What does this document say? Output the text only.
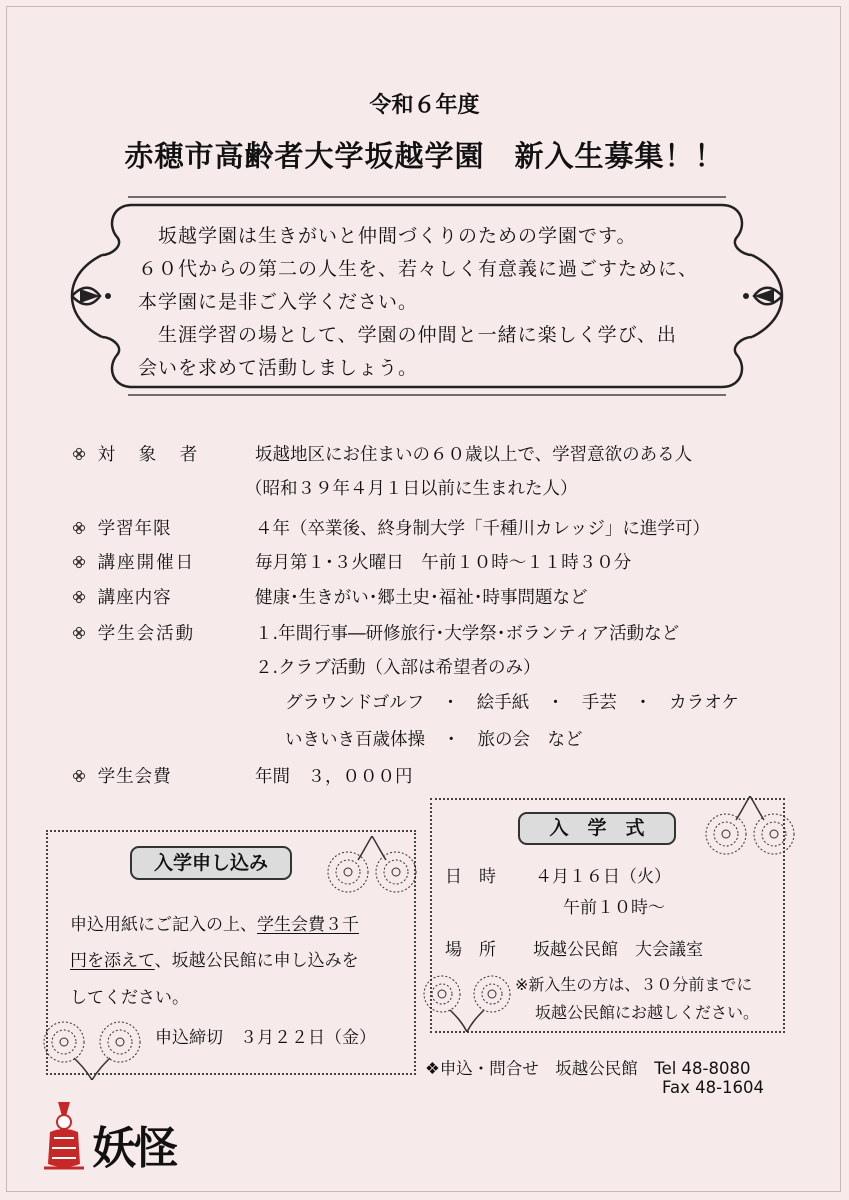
令和６年度
赤穂市高齢者大学坂越学園　新入生募集！！

　坂越学園は生きがいと仲間づくりのための学園です。

６０代からの第二の人生を、若々しく有意義に過ごすために、

本学園に是非ご入学ください。

　生涯学習の場として、学園の仲間と一緒に楽しく学び、出

会いを求めて活動しましょう。

対　象　者	坂越地区にお住まいの６０歳以上で、学習意欲のある人
（昭和３９年４月１日以前に生まれた人）
学習年限	４年（卒業後、終身制大学「千種川カレッジ」に進学可）
講座開催日	毎月第１･３火曜日　午前１０時～１１時３０分
講座内容	健康･生きがい･郷土史･福祉･時事問題など
学生会活動	１.年間行事―研修旅行･大学祭･ボランティア活動など
２.クラブ活動（入部は希望者のみ）
グラウンドゴルフ　・　絵手紙　・　手芸　・　カラオケ
いきいき百歳体操　・　旅の会　など
学生会費	年間　３，０００円
入学申し込み
申込用紙にご記入の上、学生会費３千
円を添えて、坂越公民館に申し込みを
してください。
申込締切　３月２２日（金）
入　学　式
日　時 ４月１６日（火）
午前１０時～
場　所 坂越公民館　大会議室
※新入生の方は、３０分前までに
坂越公民館にお越しください。
❖申込・問合せ　坂越公民館　Tel 48-8080
Fax 48-1604
妖怪
